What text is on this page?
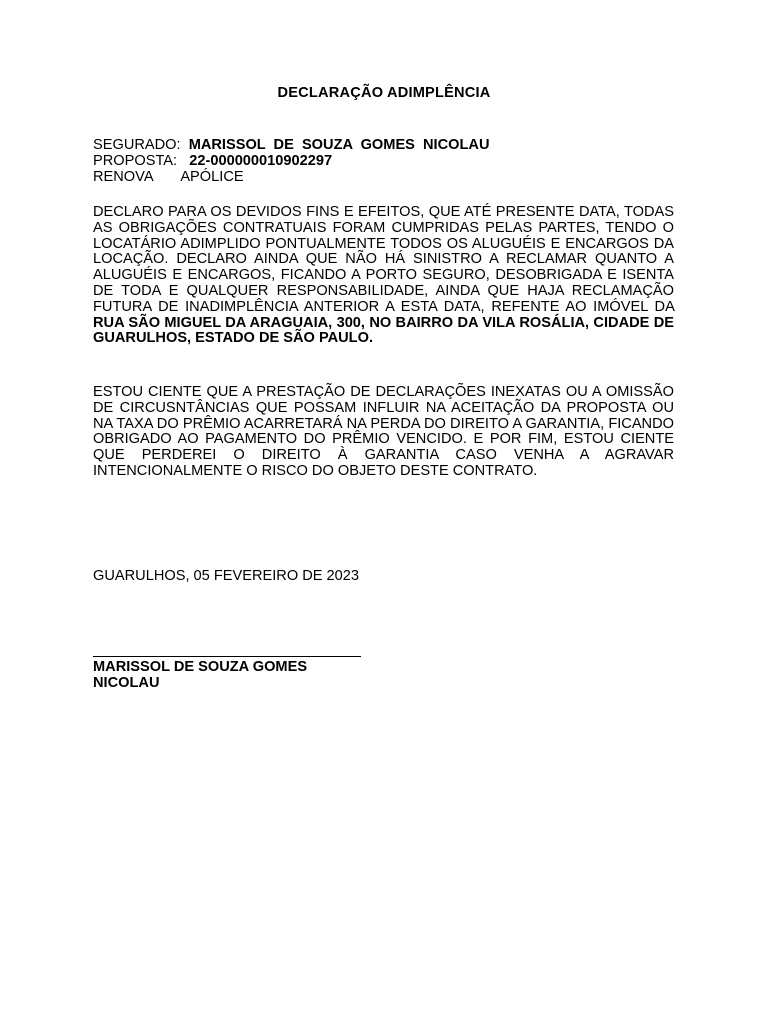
DECLARAÇÃO ADIMPLÊNCIA
SEGURADO: MARISSOL  DE  SOUZA  GOMES  NICOLAU
PROPOSTA: 22-000000010902297
RENOVA APÓLICE
DECLARO PARA OS DEVIDOS FINS E EFEITOS, QUE ATÉ PRESENTE DATA, TODAS AS OBRIGAÇÕES CONTRATUAIS FORAM CUMPRIDAS PELAS PARTES, TENDO O LOCATÁRIO ADIMPLIDO PONTUALMENTE TODOS OS ALUGUÉIS E ENCARGOS DA LOCAÇÃO. DECLARO AINDA QUE NÃO HÁ SINISTRO A RECLAMAR QUANTO A ALUGUÉIS E ENCARGOS, FICANDO A PORTO SEGURO, DESOBRIGADA E ISENTA DE TODA E QUALQUER RESPONSABILIDADE, AINDA QUE HAJA RECLAMAÇÃO FUTURA DE INADIMPLÊNCIA ANTERIOR A ESTA DATA, REFENTE AO IMÓVEL DA RUA SÃO MIGUEL DA ARAGUAIA, 300, NO BAIRRO DA VILA ROSÁLIA, CIDADE DE GUARULHOS, ESTADO DE SÃO PAULO.
ESTOU CIENTE QUE A PRESTAÇÃO DE DECLARAÇÕES INEXATAS OU A OMISSÃO DE CIRCUSNTÂNCIAS QUE POSSAM INFLUIR NA ACEITAÇÃO DA PROPOSTA OU NA TAXA DO PRÊMIO ACARRETARÁ NA PERDA DO DIREITO A GARANTIA, FICANDO OBRIGADO AO PAGAMENTO DO PRÊMIO VENCIDO. E POR FIM, ESTOU CIENTE QUE PERDEREI O DIREITO À GARANTIA CASO VENHA A AGRAVAR INTENCIONALMENTE O RISCO DO OBJETO DESTE CONTRATO.
GUARULHOS, 05 FEVEREIRO DE 2023
MARISSOL DE SOUZA GOMES NICOLAU
